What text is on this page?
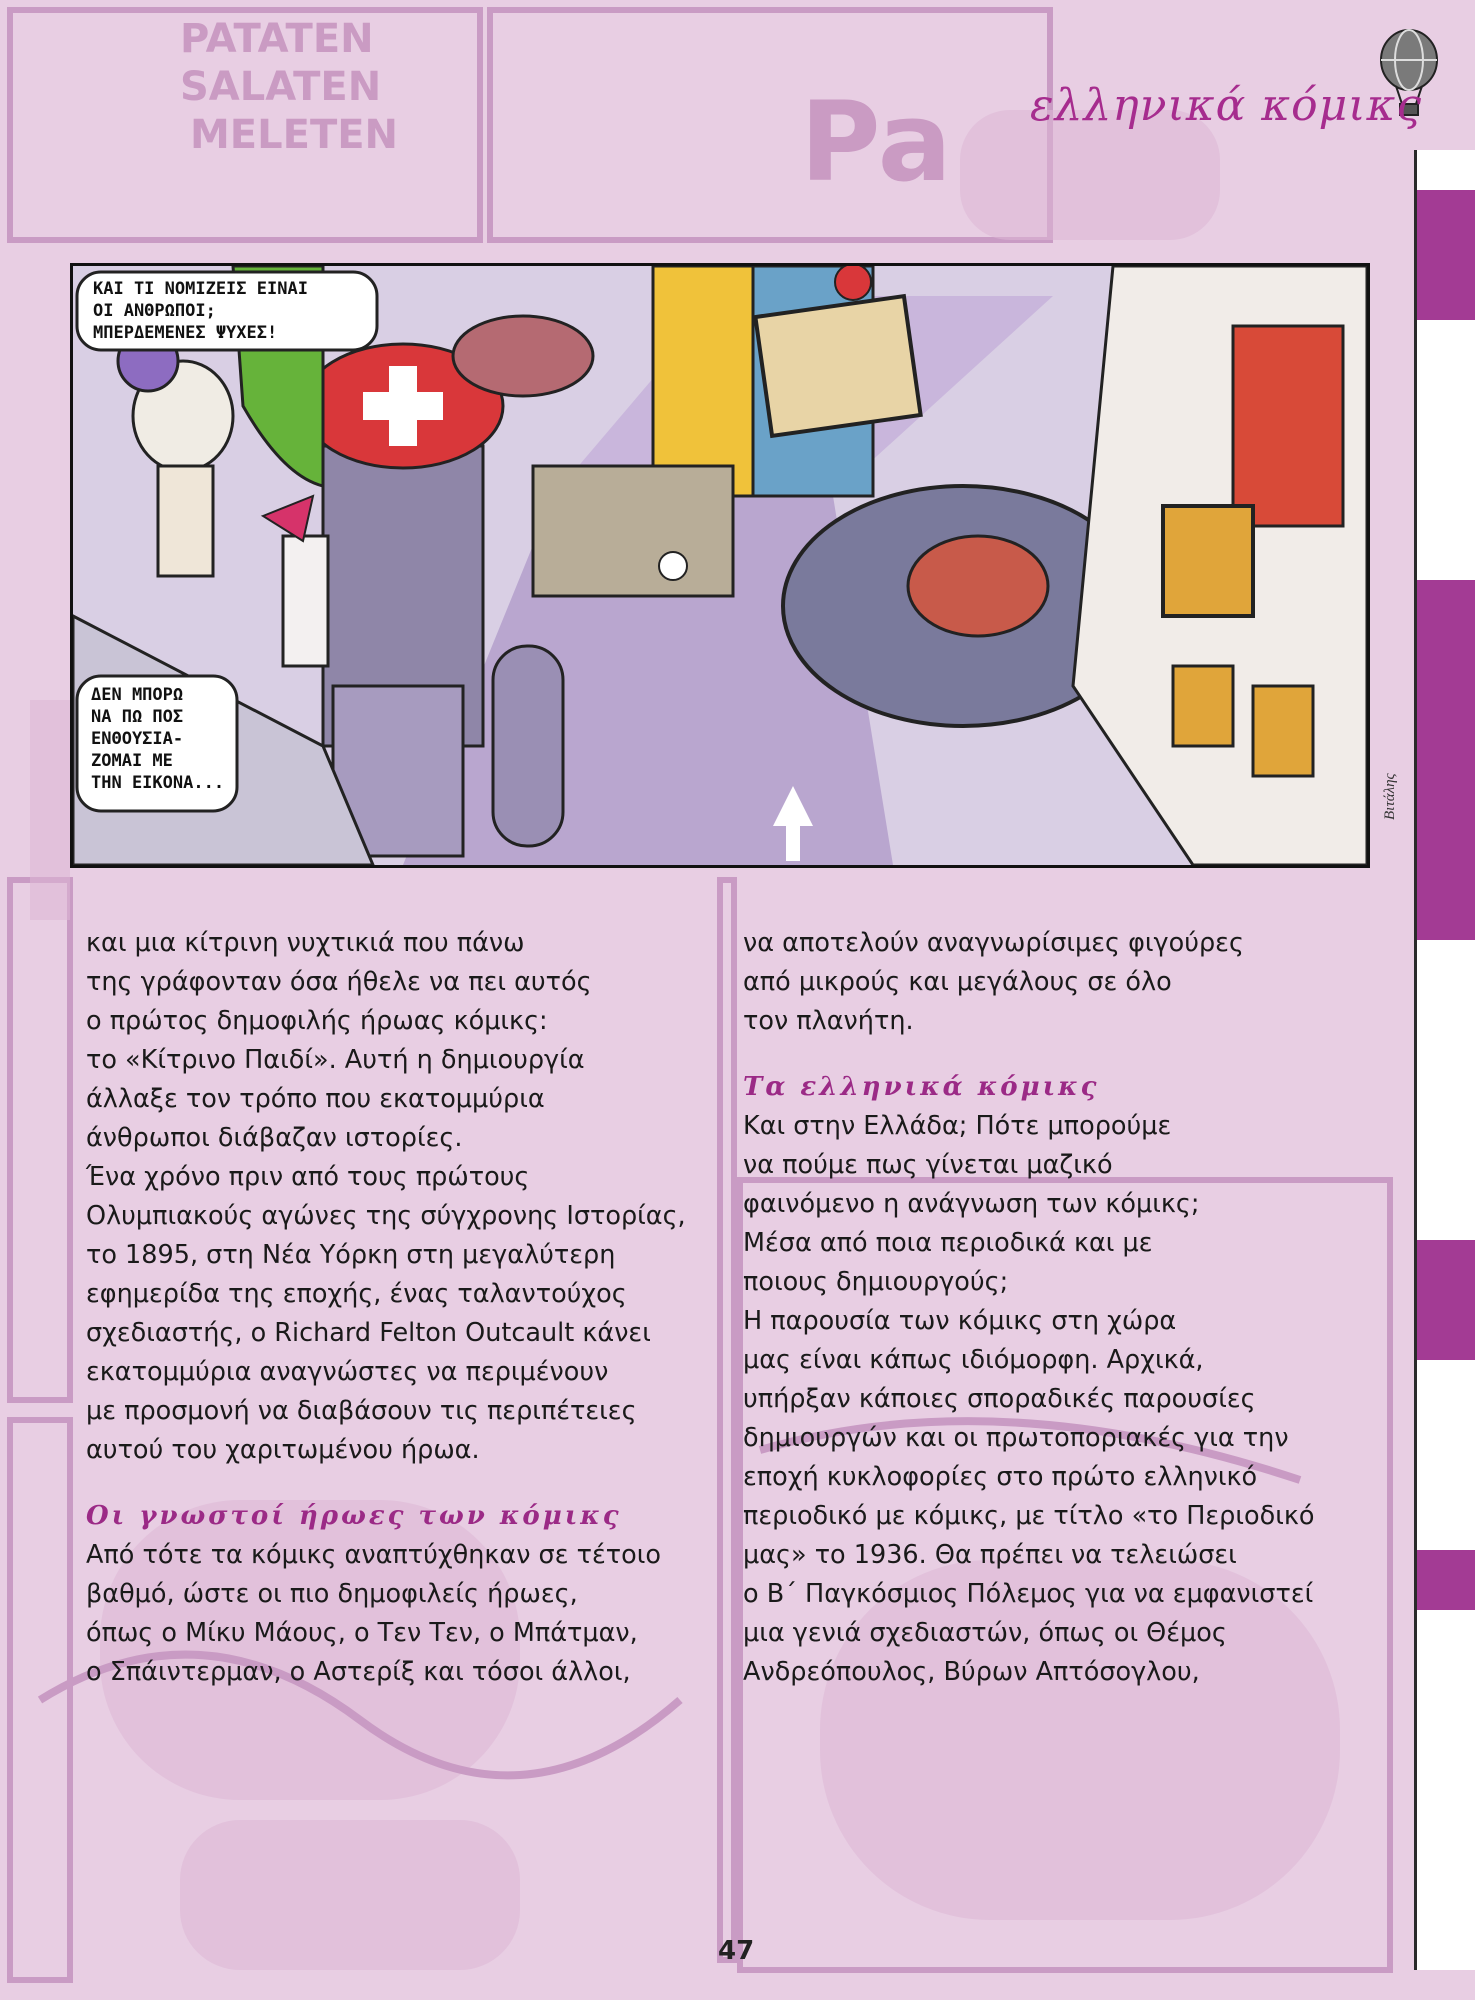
PATATEN
SALATEN
MELETEN	Pa ελληνικά κόμικς
ΚΑΙ ΤΙ ΝΟΜΙΖΕΙΣ ΕΙΝΑΙ
ΟΙ ΑΝΘΡΩΠΟΙ;
ΜΠΕΡΔΕΜΕΝΕΣ ΨΥΧΕΣ!
ΔΕΝ ΜΠΟΡΩ
ΝΑ ΠΩ ΠΟΣ
ΕΝΘΟΥΣΙΑ-
ΖΟΜΑΙ ΜΕ
ΤΗΝ ΕΙΚΟΝΑ...	Βιτάλης

και μια κίτρινη νυχτικιά που πάνω
της γράφονταν όσα ήθελε να πει αυτός
ο πρώτος δημοφιλής ήρωας κόμικς:
το «Κίτρινο Παιδί». Αυτή η δημιουργία
άλλαξε τον τρόπο που εκατομμύρια
άνθρωποι διάβαζαν ιστορίες.

Ένα χρόνο πριν από τους πρώτους
Ολυμπιακούς αγώνες της σύγχρονης Ιστορίας,
το 1895, στη Νέα Υόρκη στη μεγαλύτερη
εφημερίδα της εποχής, ένας ταλαντούχος
σχεδιαστής, ο Richard Felton Outcault κάνει
εκατομμύρια αναγνώστες να περιμένουν
με προσμονή να διαβάσουν τις περιπέτειες
αυτού του χαριτωμένου ήρωα.

Οι γνωστοί ήρωες των κόμικς

Από τότε τα κόμικς αναπτύχθηκαν σε τέτοιο
βαθμό, ώστε οι πιο δημοφιλείς ήρωες,
όπως ο Μίκυ Μάους, ο Τεν Τεν, ο Μπάτμαν,
ο Σπάιντερμαν, ο Αστερίξ και τόσοι άλλοι,

να αποτελούν αναγνωρίσιμες φιγούρες
από μικρούς και μεγάλους σε όλο
τον πλανήτη.

Τα ελληνικά κόμικς

Και στην Ελλάδα; Πότε μπορούμε
να πούμε πως γίνεται μαζικό
φαινόμενο η ανάγνωση των κόμικς;
Μέσα από ποια περιοδικά και με
ποιους δημιουργούς;

Η παρουσία των κόμικς στη χώρα
μας είναι κάπως ιδιόμορφη. Αρχικά,
υπήρξαν κάποιες σποραδικές παρουσίες
δημιουργών και οι πρωτοποριακές για την
εποχή κυκλοφορίες στο πρώτο ελληνικό
περιοδικό με κόμικς, με τίτλο «το Περιοδικό
μας» το 1936. Θα πρέπει να τελειώσει
ο Β΄ Παγκόσμιος Πόλεμος για να εμφανιστεί
μια γενιά σχεδιαστών, όπως οι Θέμος
Ανδρεόπουλος, Βύρων Απτόσογλου,

47
